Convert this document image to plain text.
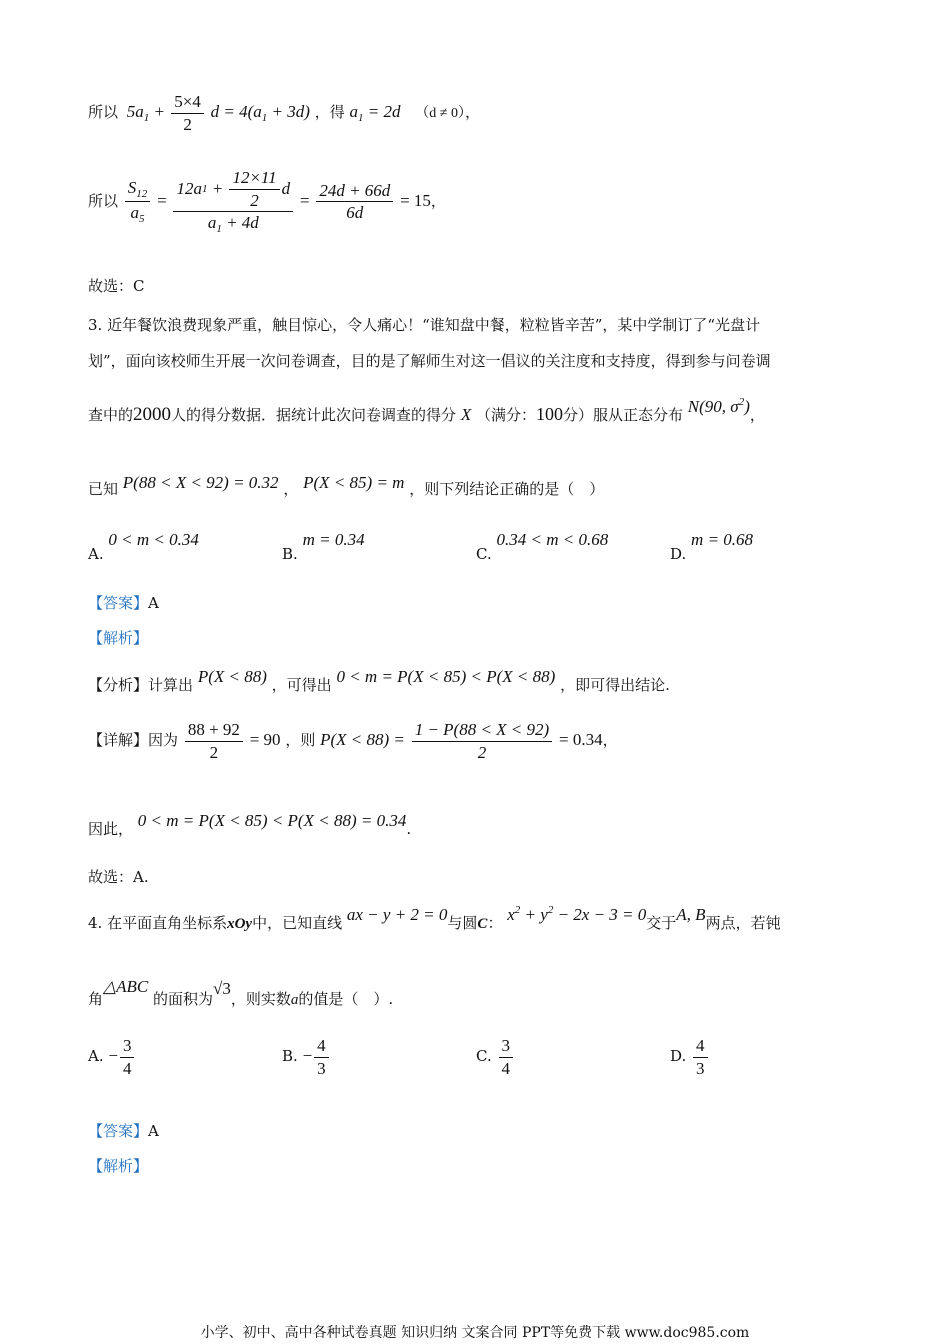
所以 $5a_1 + \frac{5\times 4}{2}$ $d = 4(a_1 + 3d)$ ，得 $a_1 = 2d$ （d ≠ 0），
所以 $\frac{S_{12}}{a_5} = \frac{12a 1 + \frac{12\times 11}{2} d}{a_1 + 4d} = \frac{24d + 66d}{6d} = 15$，
故选：C
3. 近年餐饮浪费现象严重，触目惊心，令人痛心！“谁知盘中餐，粒粒皆辛苦”，某中学制订了“光盘计
划”，面向该校师生开展一次问卷调查，目的是了解师生对这一倡议的关注度和支持度，得到参与问卷调
查中的2000人的得分数据．据统计此次问卷调查的得分 X （满分：100分）服从正态分布 N(90, $\sigma^2$)，
已知 P(88 < X < 92) = 0.32 ， P(X < 85) = m ，则下列结论正确的是（　）
A. 0 < m < 0.34
B. m = 0.34
C. 0.34 < m < 0.68
D. m = 0.68
【答案】A
【解析】
【分析】计算出 P(X < 88) ，可得出 0 < m = P(X < 85) < P(X < 88) ，即可得出结论.
【详解】因为 $\frac{88 + 92}{2} = 90$ ，则 $P(X < 88) = \frac{1 - P(88 < X < 92)}{2} = 0.34$，
因此， 0 < m = P(X < 85) < P(X < 88) = 0.34.
故选：A.
4. 在平面直角坐标系xOy中，已知直线 ax − y + 2 = 0与圆C： $x^2 + y^2 - 2x - 3 = 0$交于A, B两点，若钝
角△ABC 的面积为√3，则实数a的值是（　）.
A. − $\frac{3}{4}$	B. − $\frac{4}{3}$	C. $\frac{3}{4}$	D. $\frac{4}{3}$
【答案】A
【解析】
小学、初中、高中各种试卷真题 知识归纳 文案合同 PPT等免费下载 www.doc985.com
